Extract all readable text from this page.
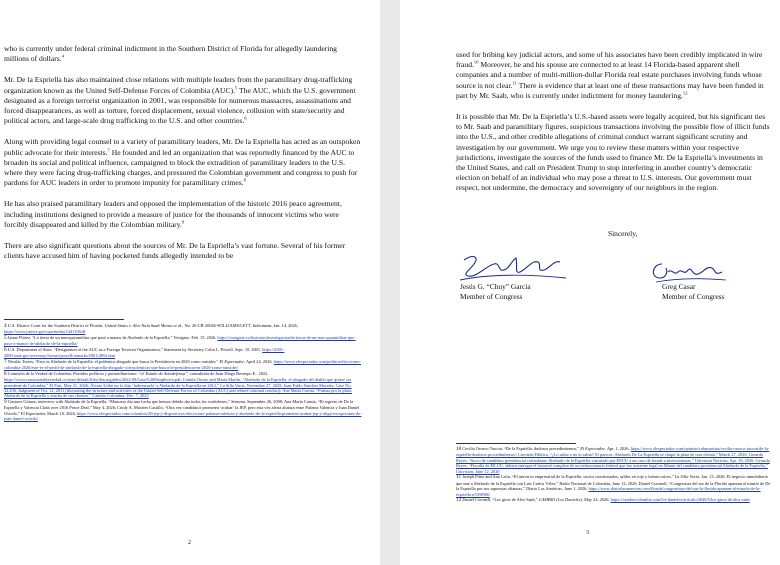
who is currently under federal criminal indictment in the Southern District of Florida for allegedly laundering millions of dollars.$^4$

Mr. De la Espriella has also maintained close relations with multiple leaders from the paramilitary drug-trafficking organization known as the United Self-Defense Forces of Colombia (AUC).$^5$ The AUC, which the U.S. government designated as a foreign terrorist organization in 2001, was responsible for numerous massacres, assassinations and forced disappearances, as well as torture, forced displacement, sexual violence, collusion with state/security and political actors, and large-scale drug trafficking to the U.S. and other countries.$^6$

Along with providing legal counsel to a variety of paramilitary leaders, Mr. De la Espriella has acted as an outspoken public advocate for their interests.$^7$ He founded and led an organization that was reportedly financed by the AUC to broaden its social and political influence, campaigned to block the extradition of paramilitary leaders to the U.S. where they were facing drug-trafficking charges, and pressured the Colombian government and congress to push for pardons for AUC leaders in order to promote impunity for paramilitary crimes.$^8$

He has also praised paramilitary leaders and opposed the implementation of the historic 2016 peace agreement, including institutions designed to provide a measure of justice for the thousands of innocent victims who were forcibly disappeared and killed by the Colombian military.$^9$

There are also significant questions about the sources of Mr. De la Espriella’s vast fortune. Several of his former clients have accused him of having pocketed funds allegedly intended to be

4 U.S. District Court for the Southern District of Florida, United States v. Alex Nain Saab Moran et al., No. 26-CR-20026-WILLIAMS/LETT, Indictment, Jan. 14, 2026, https://www.justice.gov/opa/media/1441106/dl

5 Jaime Flórez, “La tierra de un narcoparamilitar que pasó a manos de Abelardo de la Espriella,” Vorágine, Feb. 15, 2026, https://voragine.co/historias/investigacion/la-tierra-de-un-narcoparamilitar-que-paso-a-manos-de-abelardo-de-la-espriella/

6 U.S. Department of State, “Designation of the AUC as a Foreign Terrorist Organization,” Statement by Secretary Colin L. Powell, Sept. 10, 2001, https://2001-2009.state.gov/secretary/former/powell/remarks/2001/4852.htm

7 Nicolás Torres, “Esto es Abelardo de la Espriella: el polémico abogado que busca la Presidencia en 2026 como outsider,” El Espectador, April 24, 2026, https://www.elespectador.com/politica/elecciones-colombia-2026/este-es-el-perfil-de-abelardo-de-la-espriella-abogado-con-polemicas-que-busca-la-presidencia-en-2026-como-outsider/

8 Comisión de la Verdad de Colombia, Partidos políticos y paramilitarismo: “el Estado de Autodefensa”, consultoría de Juan Diego Restrepo E., 2022, https://www.comisiondelaverdad.co/sites/default/files/descargables/2022-08/Caso%20Paraplotica.pdf; Camila Osorio and María Martín, “Abelardo de la Espriella, el abogado del diablo que quiere ser presidente de Colombia,” El País, May 31, 2026; Álvaro Uribe no lo dijo ‘ladronzuelo’ a Abelardo de la Espriella en 2012,” La Silla Vacía, November 27, 2025; Juan Pablo Sánchez Morales, Case No. 32,436, Judgment of Oct. 12, 2011 (discussing the structure and activities of the United Self-Defense Forces of Colombia (AUC) and related criminal conduct); Ana María Cuesta, “Firmas por la plata: Abelardo de la Espriella y mucha de sus clientes,” Cambio Colombia, Dec. 7, 2025

9 Gustavo Gómez, interview with Abelardo de la Espriella, “Mancuso dio una lucha que hemos debido dar todos los cordobeses,” Semana, September 26, 2008; Ana María Cuesta, “El regreso de De la Espriella y Valencia Clash over 2016 Peace Deal,” May 4, 2026; Cindy A. Morales Castillo, “Otra vez candidatos prometen ‘acabar’ la JEP, pero esta vez alerta alianza entre Paloma Valencia y Juan Daniel Oviedo,” El Espectador, March 10, 2026, https://www.elespectador.com/colombia-20/jep-y-dispositivos-elecciones-paloma-valencia-y-abelardo-de-la-espriella-prometen-acabar-jep-y-align-excepciones-de-juan-daniel-oviedo/

2

used for bribing key judicial actors, and some of his associates have been credibly implicated in wire fraud.$^{10}$ Moreover, he and his spouse are connected to at least 14 Florida-based apparent shell companies and a number of multi-million-dollar Florida real estate purchases involving funds whose source is not clear.$^{11}$ There is evidence that at least one of these transactions may have been funded in part by Mr. Saab, who is currently under indictment for money laundering.$^{12}$

It is possible that Mr. De la Espriella’s U.S.-based assets were legally acquired, but his significant ties to Mr. Saab and paramilitary figures, suspicious transactions involving the possible flow of illicit funds into the U.S., and other credible allegations of criminal conduct warrant significant scrutiny and investigation by our government. We urge you to review these matters within your respective jurisdictions, investigate the sources of the funds used to finance Mr. De la Espriella’s investments in the United States, and call on President Trump to stop interfering in another country’s democratic election on behalf of an individual who may pose a threat to U.S. interests. Our government must respect, not undermine, the democracy and sovereignty of our neighbors in the region.

Sincerely,
Jesús G. “Chuy” García
Member of Congress
Greg Casar
Member of Congress

10 Cecilia Orozco Tascón, “De la Espriella: dudosos procedimientos,” El Espectador, Apr. 1, 2026, https://www.elespectador.com/opinion/columnistas/cecilia-orozco-tascon/de-la-espriella-dudosos-procedimientos/; Cuestión Pública, “¿Lo sabía o no lo sabía? Al parecer, Abelardo De La Espriella se chupó la plata de otra clienta,” March 27, 2026; Gerardo Reyes, “Socio de candidato presidencial colombiano Abelardo de la Espriella vinculado por EEUU a un caso de fraude a inversionistas,” Univision Noticias, Apr. 18, 2026; Gerardo Reyes, “Fiscalía de EE.UU. deberá entregar el historial completo de un exfuncionario federal que fue asistente legal en Miami del candidato presidencial Abelardo de la Espriella,” Univision, June 12, 2026

11 Joseph Pinto and Ana León, “El universo empresarial de la Espriella: socios cuestionados, saldos en rojo y bienes raíces,” La Silla Vacía, Jan. 13, 2026; El negocio inmobiliario que une a Abelardo de la Espriella con Luis Carlos Vélez,” Radio Nacional de Colombia, June 12, 2026; Daniel Coronell, “Congresista del sur de la Florida apuntan al triunfo de De la Espriella por sus supuestas alianzas,” Diario Las Américas, June 1, 2026, https://www.diariolasamericas.com/florida/congresistas-del-sur-la-florida-apuntan-al-triunfo-de-la-espriella-n5398386

12 Daniel Coronell, “Los giros de Alex Saab,” CAMBIO (Los Danieles), May 24, 2026, https://cambiocolombia.com/los-danieles/articulo/2026/5/los-giros-de-alex-saab

3
